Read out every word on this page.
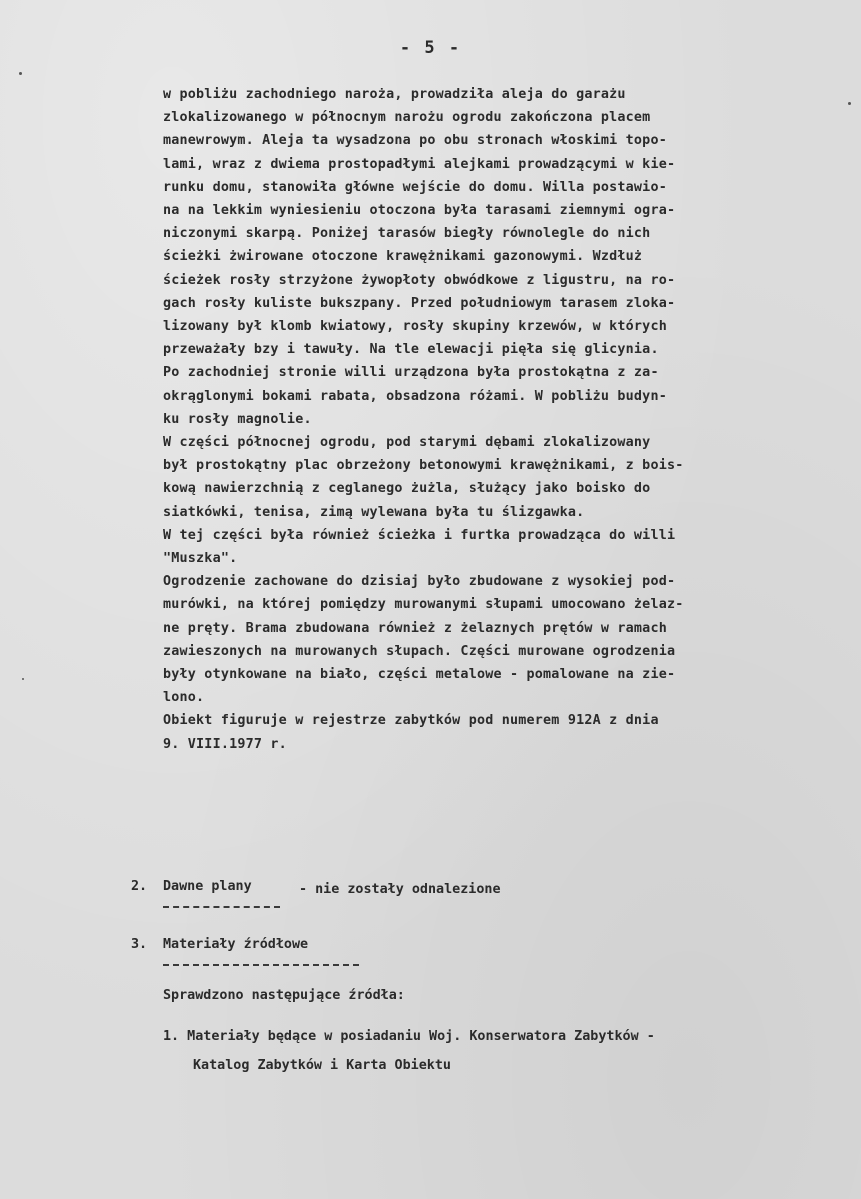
- 5 -
w pobliżu zachodniego narożа, prowadziła aleja do garażu
zlokalizowanego w północnym narożu ogrodu zakończona placem
manewrowym. Aleja ta wysadzona po obu stronach włoskimi topo-
lami, wraz z dwiema prostopadłymi alejkami prowadzącymi w kie-
runku domu, stanowiła główne wejście do domu. Willa postawio-
na na lekkim wyniesieniu otoczona była tarasami ziemnymi ogra-
niczonymi skarpą. Poniżej tarasów biegły równolegle do nich
ścieżki żwirowane otoczone krawężnikami gazonowymi. Wzdłuż
ścieżek rosły strzyżone żywopłoty obwódkowe z ligustru, na ro-
gach rosły kuliste bukszpany. Przed południowym tarasem zloka-
lizowany był klomb kwiatowy, rosły skupiny krzewów, w których
przeważały bzy i tawuły. Na tle elewacji pięła się glicynia.
Po zachodniej stronie willi urządzona była prostokątna z za-
okrąglonymi bokami rabata, obsadzona różami. W pobliżu budyn-
ku rosły magnolie.
W części północnej ogrodu, pod starymi dębami zlokalizowany
był prostokątny plac obrzeżony betonowymi krawężnikami, z bois-
kową nawierzchnią z ceglanego żużla, służący jako boisko do
siatkówki, tenisa, zimą wylewana była tu ślizgawka.
W tej części była również ścieżka i furtka prowadząca do willi
"Muszka".
Ogrodzenie zachowane do dzisiaj było zbudowane z wysokiej pod-
murówki, na której pomiędzy murowanymi słupami umocowano żelaz-
ne pręty. Brama zbudowana również z żelaznych prętów w ramach
zawieszonych na murowanych słupach. Części murowane ogrodzenia
były otynkowane na biało, części metalowe - pomalowane na zie-
lono.
Obiekt figuruje w rejestrze zabytków pod numerem 912A z dnia
9. VIII.1977 r.
2. Dawne plany	- nie zostały odnalezione
3. Materiały źródłowe
Sprawdzono następujące źródła:
1. Materiały będące w posiadaniu Woj. Konserwatora Zabytków -
Katalog Zabytków i Karta Obiektu
